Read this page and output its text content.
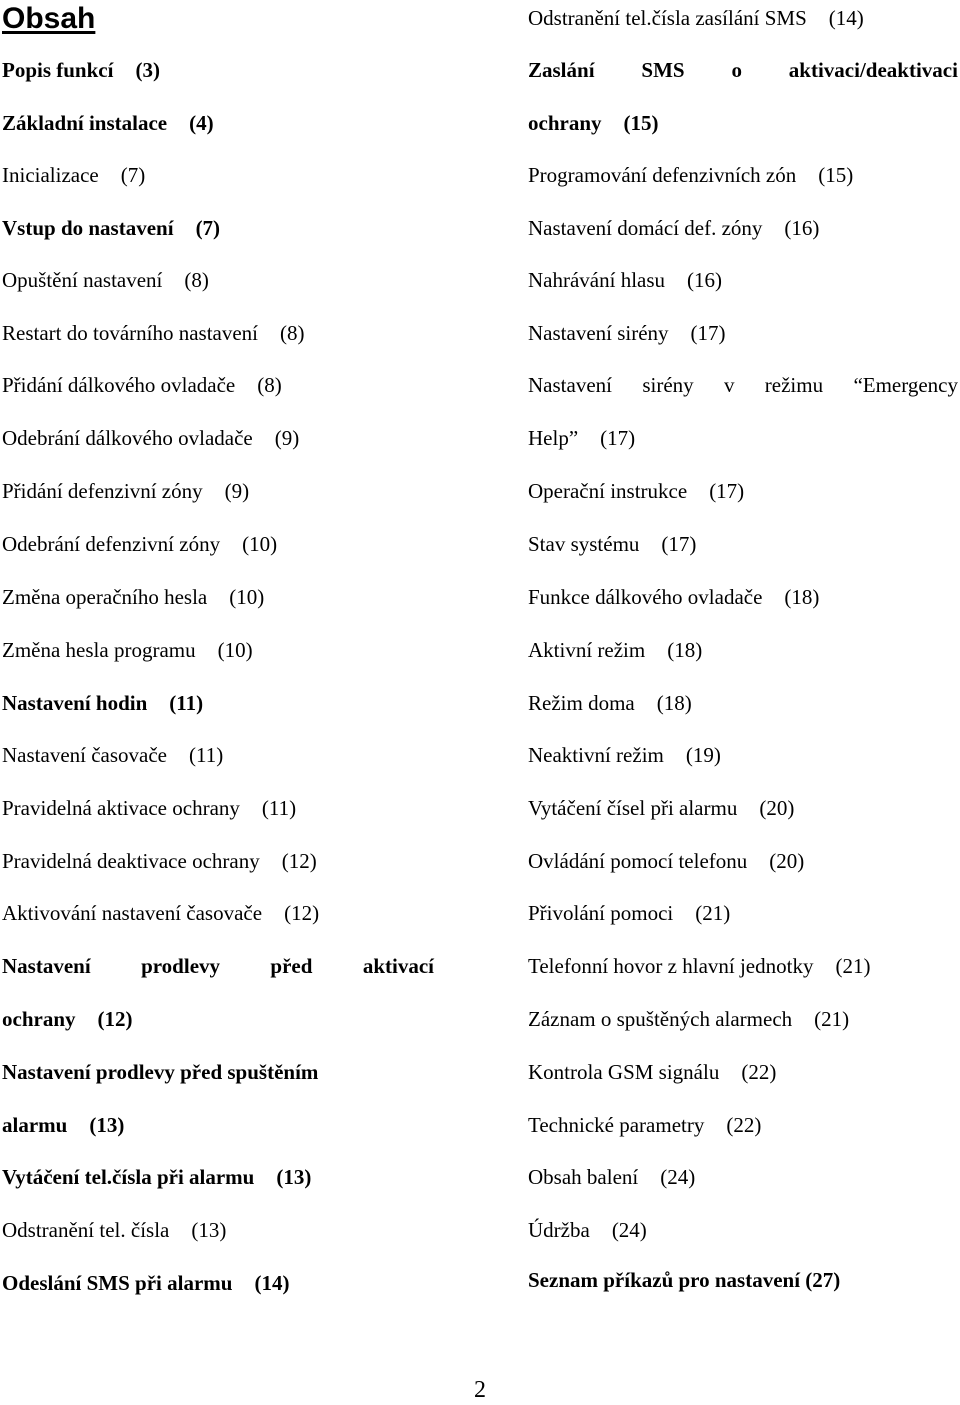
Obsah
Popis funkcí (3)
Základní instalace (4)
Inicializace (7)
Vstup do nastavení (7)
Opuštění nastavení (8)
Restart do továrního nastavení (8)
Přidání dálkového ovladače (8)
Odebrání dálkového ovladače (9)
Přidání defenzivní zóny (9)
Odebrání defenzivní zóny (10)
Změna operačního hesla (10)
Změna hesla programu (10)
Nastavení hodin (11)
Nastavení časovače (11)
Pravidelná aktivace ochrany (11)
Pravidelná deaktivace ochrany (12)
Aktivování nastavení časovače (12)
Nastavení prodlevy před aktivací
ochrany (12)
Nastavení prodlevy před spuštěním
alarmu (13)
Vytáčení tel.čísla při alarmu (13)
Odstranění tel. čísla (13)
Odeslání SMS při alarmu (14)
Odstranění tel.čísla zasílání SMS (14)
Zaslání SMS o aktivaci/deaktivaci
ochrany (15)
Programování defenzivních zón (15)
Nastavení domácí def. zóny (16)
Nahrávání hlasu (16)
Nastavení sirény (17)
Nastavení sirény v režimu “Emergency
Help” (17)
Operační instrukce (17)
Stav systému (17)
Funkce dálkového ovladače (18)
Aktivní režim (18)
Režim doma (18)
Neaktivní režim (19)
Vytáčení čísel při alarmu (20)
Ovládání pomocí telefonu (20)
Přivolání pomoci (21)
Telefonní hovor z hlavní jednotky (21)
Záznam o spuštěných alarmech (21)
Kontrola GSM signálu (22)
Technické parametry (22)
Obsah balení (24)
Údržba (24)
Seznam příkazů pro nastavení (27)
2
